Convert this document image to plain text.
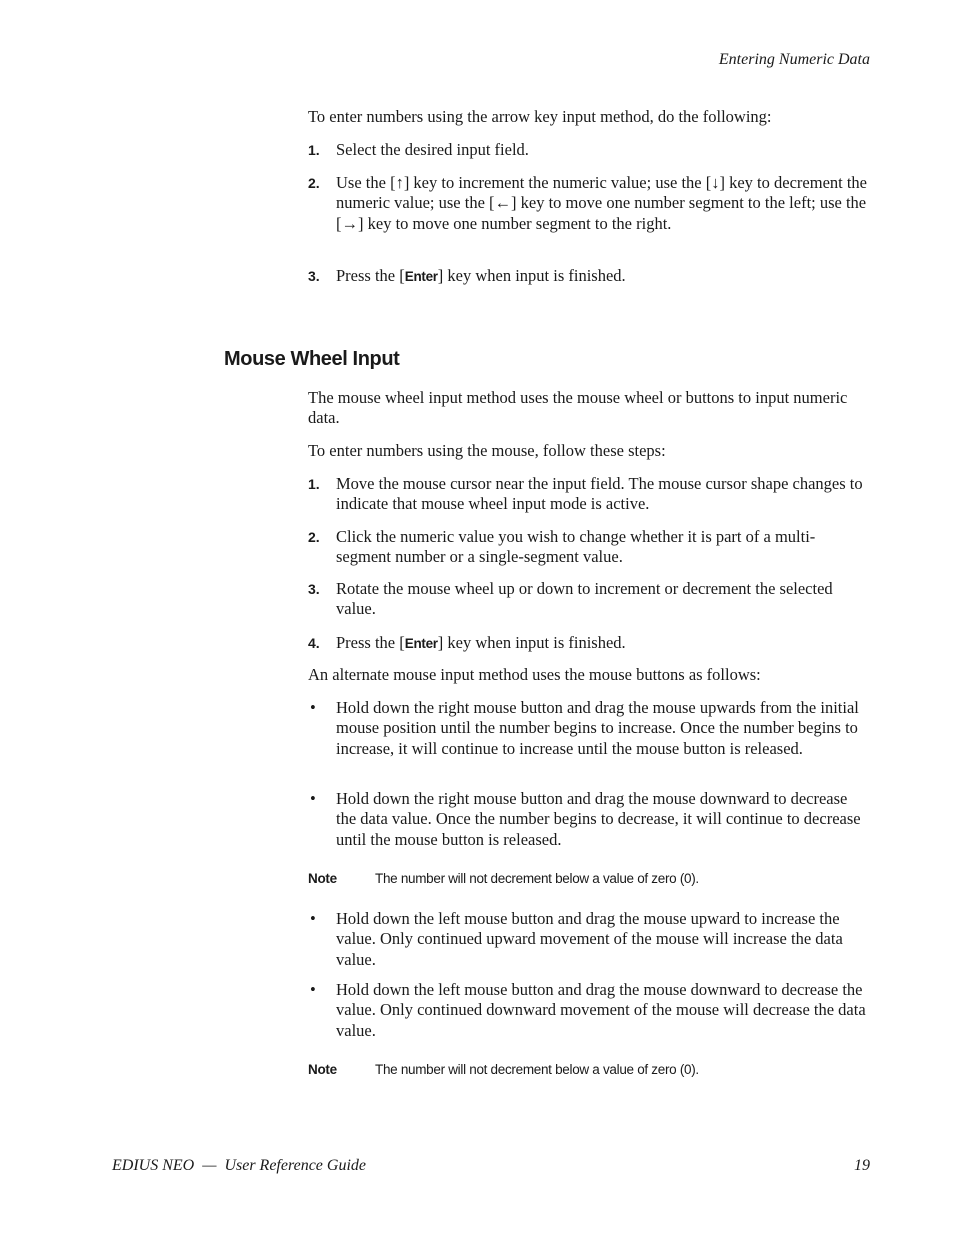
Entering Numeric Data
To enter numbers using the arrow key input method, do the following:
1. Select the desired input field.
2. Use the [↑] key to increment the numeric value; use the [↓] key to decrement the numeric value; use the [←] key to move one number segment to the left; use the [→] key to move one number segment to the right.
3. Press the [Enter] key when input is finished.
Mouse Wheel Input
The mouse wheel input method uses the mouse wheel or buttons to input numeric data.
To enter numbers using the mouse, follow these steps:
1. Move the mouse cursor near the input field. The mouse cursor shape changes to indicate that mouse wheel input mode is active.
2. Click the numeric value you wish to change whether it is part of a multi-segment number or a single-segment value.
3. Rotate the mouse wheel up or down to increment or decrement the selected value.
4. Press the [Enter] key when input is finished.
An alternate mouse input method uses the mouse buttons as follows:
• Hold down the right mouse button and drag the mouse upwards from the initial mouse position until the number begins to increase. Once the number begins to increase, it will continue to increase until the mouse button is released.
• Hold down the right mouse button and drag the mouse downward to decrease the data value. Once the number begins to decrease, it will continue to decrease until the mouse button is released.
Note	The number will not decrement below a value of zero (0).
• Hold down the left mouse button and drag the mouse upward to increase the value. Only continued upward movement of the mouse will increase the data value.
• Hold down the left mouse button and drag the mouse downward to decrease the value. Only continued downward movement of the mouse will decrease the data value.
Note	The number will not decrement below a value of zero (0).
EDIUS NEO  —  User Reference Guide	19
